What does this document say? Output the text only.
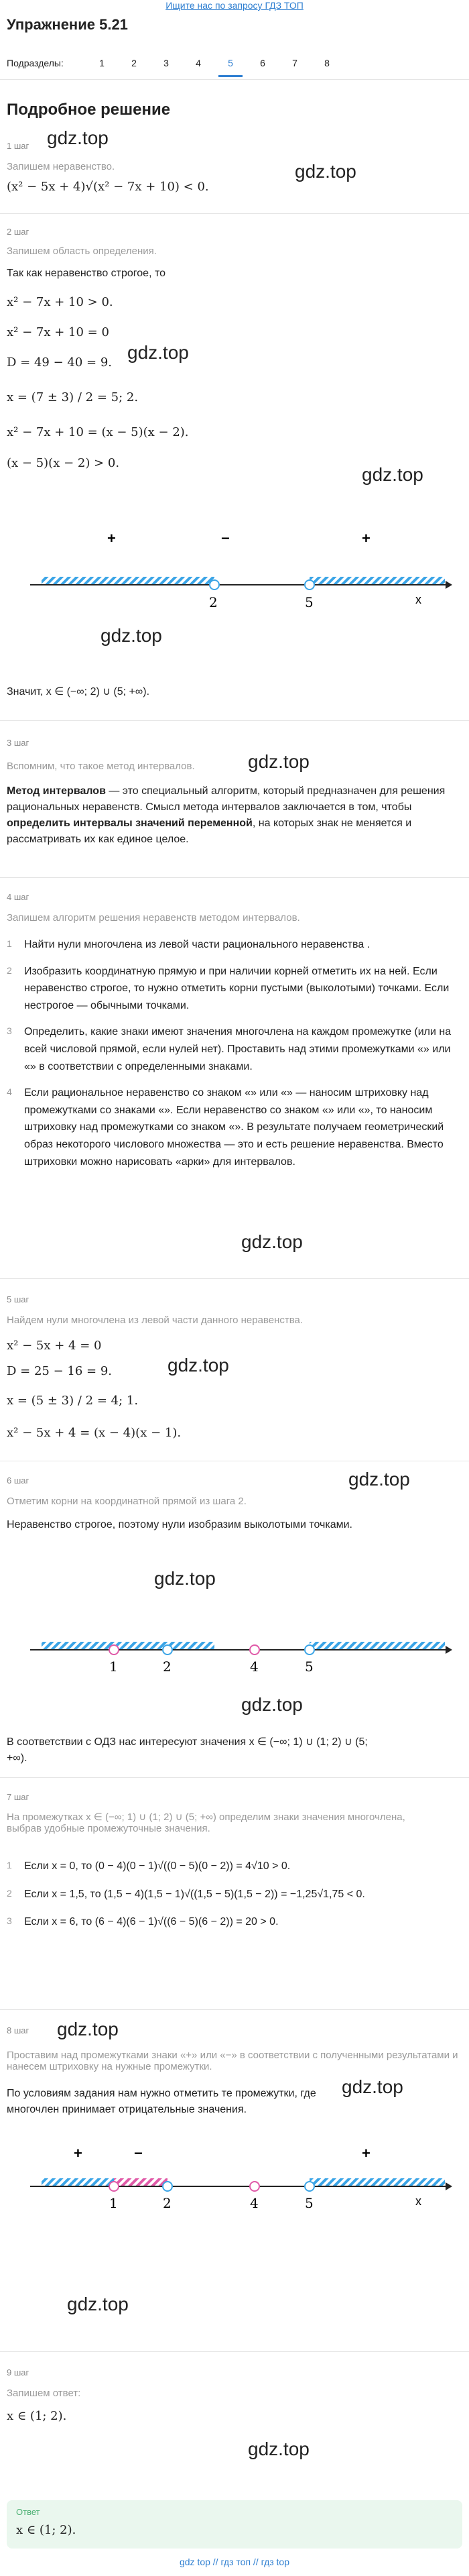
Ищите нас по запросу ГДЗ ТОП
Упражнение 5.21
Подразделы:	1	2	3	4	5	6	7	8
Подробное решение
gdz.top
1 шаг
gdz.top
Запишем неравенство.
(x² − 5x + 4)√(x² − 7x + 10) < 0.
2 шаг
Запишем область определения.
Так как неравенство строгое, то
x² − 7x + 10 > 0.
x² − 7x + 10 = 0
gdz.top
D = 49 − 40 = 9.
x = (7 ± 3) / 2 = 5; 2.
x² − 7x + 10 = (x − 5)(x − 2).
gdz.top
(x − 5)(x − 2) > 0.
+	−	+
2	5	x
gdz.top
Значит, x ∈ (−∞; 2) ∪ (5; +∞).
gdz.top
3 шаг
Вспомним, что такое метод интервалов.
Метод интервалов — это специальный алгоритм, который предназначен для решения рациональных неравенств. Смысл метода интервалов заключается в том, чтобы определить интервалы значений переменной, на которых знак не меняется и рассматривать их как единое целое.
4 шаг
Запишем алгоритм решения неравенств методом интервалов.
1	Найти нули многочлена из левой части рационального неравенства .
2	Изобразить координатную прямую и при наличии корней отметить их на ней. Если неравенство строгое, то нужно отметить корни пустыми (выколотыми) точками. Если нестрогое — обычными точками.
3	Определить, какие знаки имеют значения многочлена на каждом промежутке (или на всей числовой прямой, если нулей нет). Проставить над этими промежутками «» или «» в соответствии с определенными знаками.
4	Если рациональное неравенство со знаком «» или «» — наносим штриховку над промежутками со знаками «». Если неравенство со знаком «» или «», то наносим штриховку над промежутками со знаком «». В результате получаем геометрический образ некоторого числового множества — это и есть решение неравенства. Вместо штриховки можно нарисовать «арки» для интервалов.
gdz.top
5 шаг
Найдем нули многочлена из левой части данного неравенства.
x² − 5x + 4 = 0
gdz.top
D = 25 − 16 = 9.
x = (5 ± 3) / 2 = 4; 1.
x² − 5x + 4 = (x − 4)(x − 1).
6 шаг	gdz.top
Отметим корни на координатной прямой из шага 2.
Неравенство строгое, поэтому нули изобразим выколотыми точками.
gdz.top
1	2	4	5
gdz.top
В соответствии с ОДЗ нас интересуют значения x ∈ (−∞; 1) ∪ (1; 2) ∪ (5; +∞).
7 шаг
На промежутках x ∈ (−∞; 1) ∪ (1; 2) ∪ (5; +∞) определим знаки значения многочлена, выбрав удобные промежуточные значения.
1	Если x = 0, то (0 − 4)(0 − 1)√((0 − 5)(0 − 2)) = 4√10 > 0.
2	Если x = 1,5, то (1,5 − 4)(1,5 − 1)√((1,5 − 5)(1,5 − 2)) = −1,25√1,75 < 0.
3	Если x = 6, то (6 − 4)(6 − 1)√((6 − 5)(6 − 2)) = 20 > 0.
8 шаг gdz.top
Проставим над промежутками знаки «+» или «−» в соответствии с полученными результатами и нанесем штриховку на нужные промежутки.
gdz.top
По условиям задания нам нужно отметить те промежутки, где многочлен принимает отрицательные значения.
+	−	+
1	2	4	5	x
gdz.top
9 шаг
Запишем ответ:
x ∈ (1; 2).
gdz.top
Ответ
x ∈ (1; 2).
gdz top // гдз топ // гдз top
